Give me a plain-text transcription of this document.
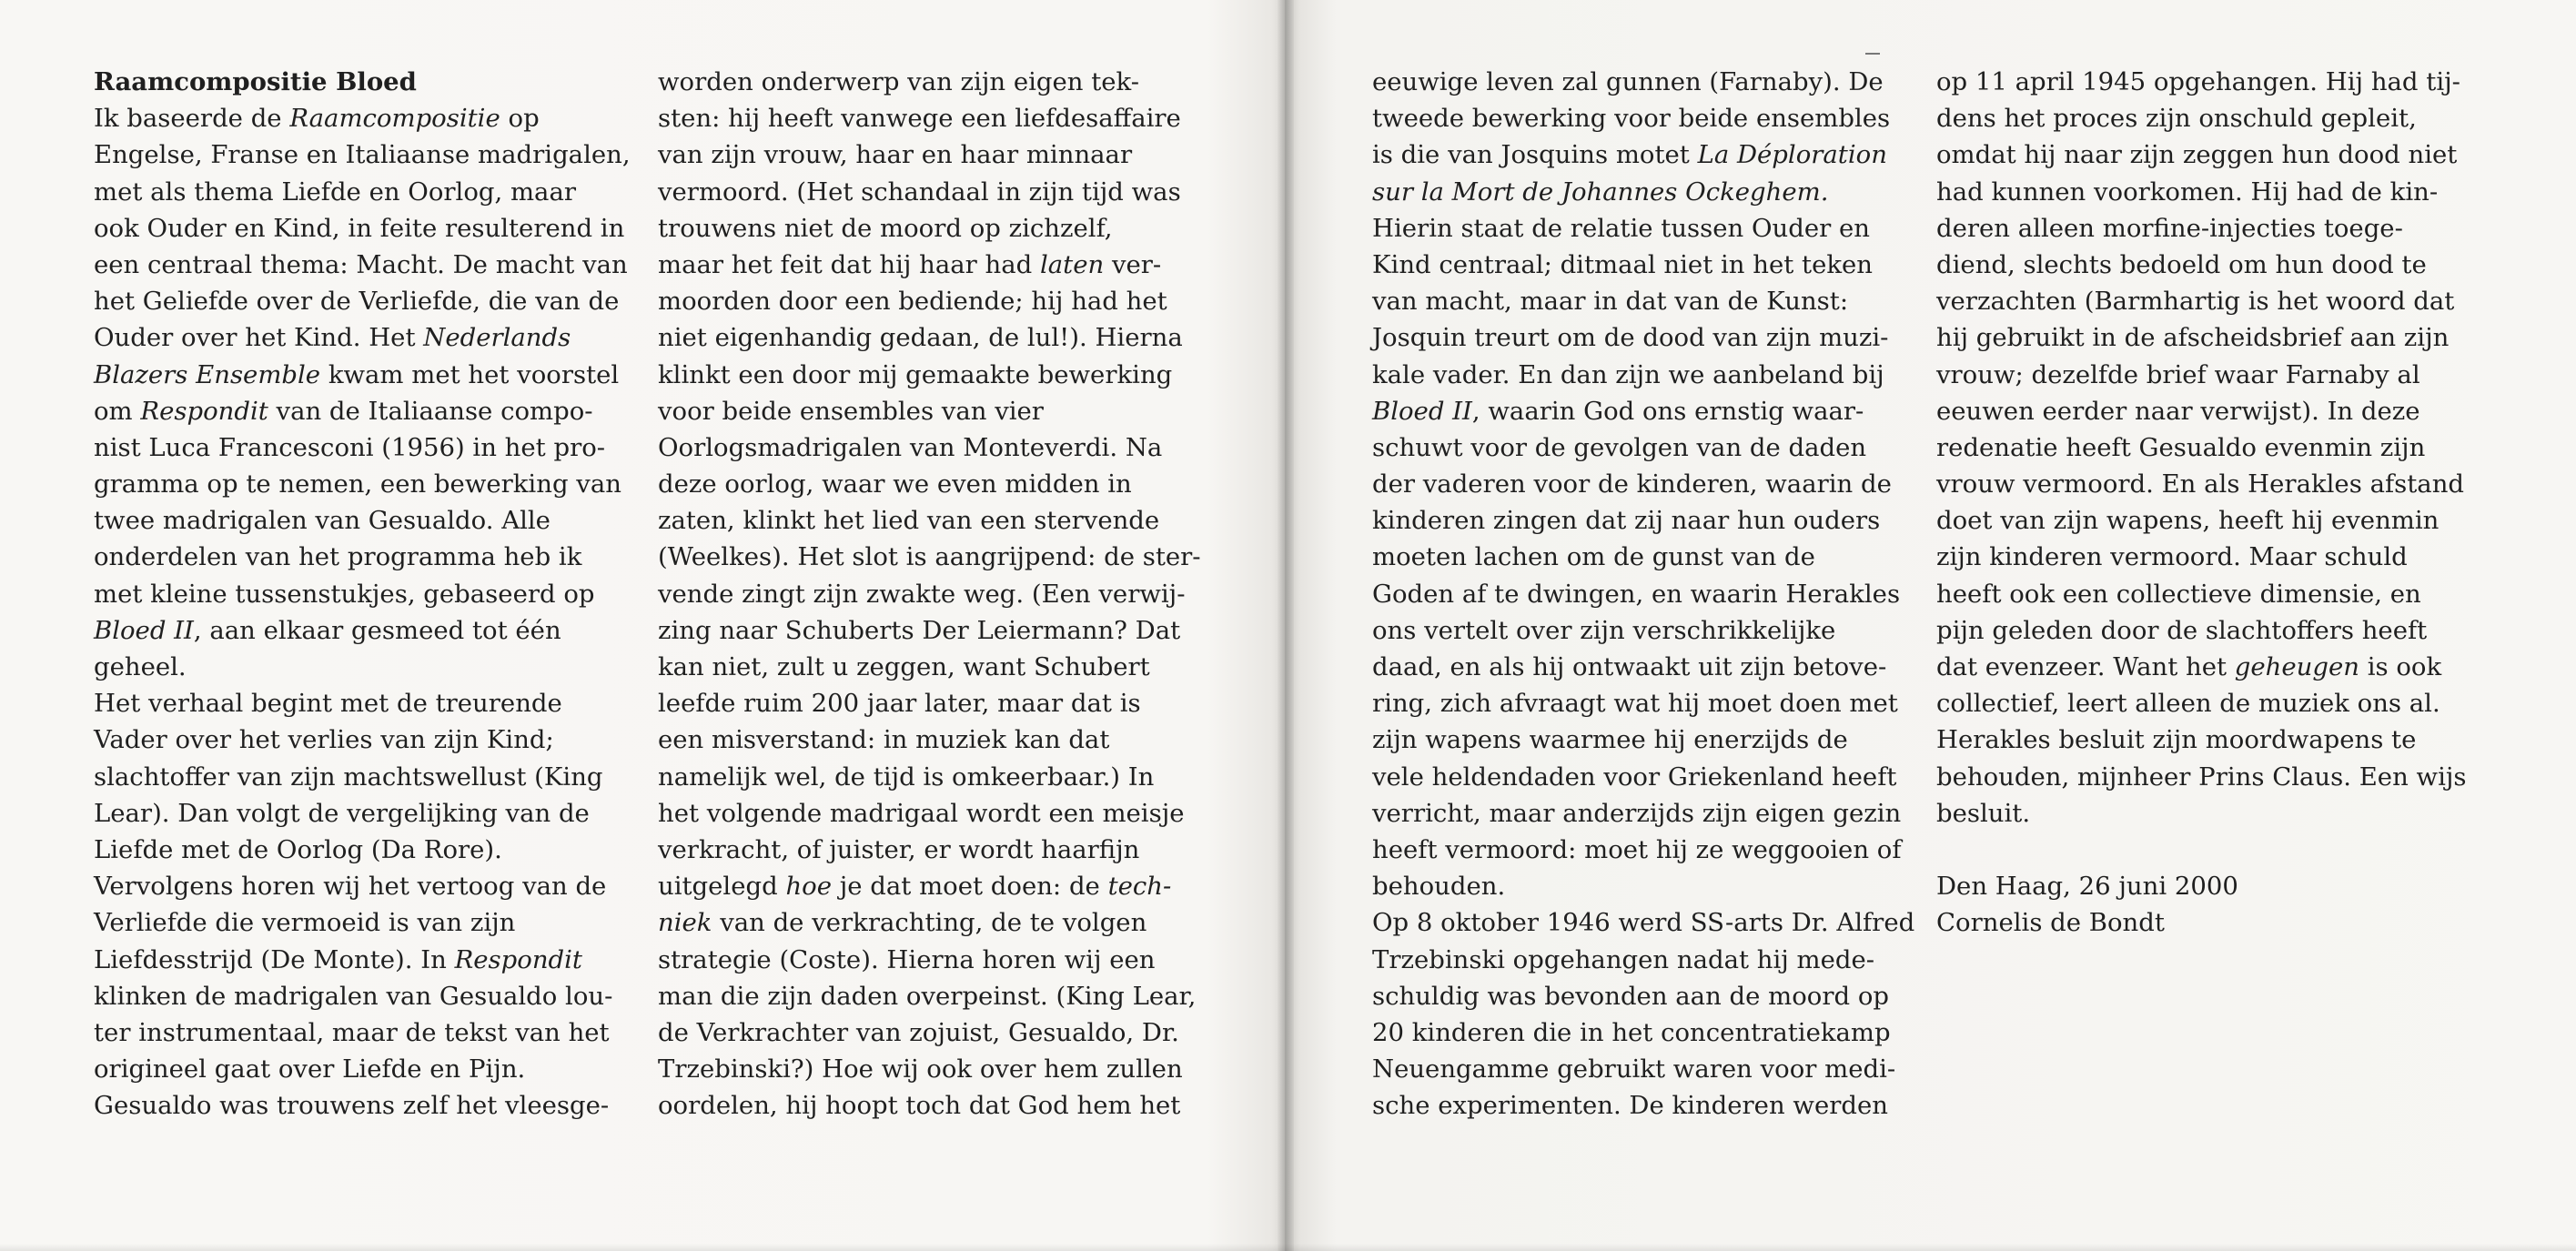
Raamcompositie Bloed
Ik baseerde de Raamcompositie op
Engelse, Franse en Italiaanse madrigalen,
met als thema Liefde en Oorlog, maar
ook Ouder en Kind, in feite resulterend in
een centraal thema: Macht. De macht van
het Geliefde over de Verliefde, die van de
Ouder over het Kind. Het Nederlands
Blazers Ensemble kwam met het voorstel
om Respondit van de Italiaanse compo-
nist Luca Francesconi (1956) in het pro-
gramma op te nemen, een bewerking van
twee madrigalen van Gesualdo. Alle
onderdelen van het programma heb ik
met kleine tussenstukjes, gebaseerd op
Bloed II, aan elkaar gesmeed tot één
geheel.
Het verhaal begint met de treurende
Vader over het verlies van zijn Kind;
slachtoffer van zijn machtswellust (King
Lear). Dan volgt de vergelijking van de
Liefde met de Oorlog (Da Rore).
Vervolgens horen wij het vertoog van de
Verliefde die vermoeid is van zijn
Liefdesstrijd (De Monte). In Respondit
klinken de madrigalen van Gesualdo lou-
ter instrumentaal, maar de tekst van het
origineel gaat over Liefde en Pijn.
Gesualdo was trouwens zelf het vleesge-
worden onderwerp van zijn eigen tek-
sten: hij heeft vanwege een liefdesaffaire
van zijn vrouw, haar en haar minnaar
vermoord. (Het schandaal in zijn tijd was
trouwens niet de moord op zichzelf,
maar het feit dat hij haar had laten ver-
moorden door een bediende; hij had het
niet eigenhandig gedaan, de lul!). Hierna
klinkt een door mij gemaakte bewerking
voor beide ensembles van vier
Oorlogsmadrigalen van Monteverdi. Na
deze oorlog, waar we even midden in
zaten, klinkt het lied van een stervende
(Weelkes). Het slot is aangrijpend: de ster-
vende zingt zijn zwakte weg. (Een verwij-
zing naar Schuberts Der Leiermann? Dat
kan niet, zult u zeggen, want Schubert
leefde ruim 200 jaar later, maar dat is
een misverstand: in muziek kan dat
namelijk wel, de tijd is omkeerbaar.) In
het volgende madrigaal wordt een meisje
verkracht, of juister, er wordt haarfijn
uitgelegd hoe je dat moet doen: de tech-
niek van de verkrachting, de te volgen
strategie (Coste). Hierna horen wij een
man die zijn daden overpeinst. (King Lear,
de Verkrachter van zojuist, Gesualdo, Dr.
Trzebinski?) Hoe wij ook over hem zullen
oordelen, hij hoopt toch dat God hem het
eeuwige leven zal gunnen (Farnaby). De
tweede bewerking voor beide ensembles
is die van Josquins motet La Déploration
sur la Mort de Johannes Ockeghem.
Hierin staat de relatie tussen Ouder en
Kind centraal; ditmaal niet in het teken
van macht, maar in dat van de Kunst:
Josquin treurt om de dood van zijn muzi-
kale vader. En dan zijn we aanbeland bij
Bloed II, waarin God ons ernstig waar-
schuwt voor de gevolgen van de daden
der vaderen voor de kinderen, waarin de
kinderen zingen dat zij naar hun ouders
moeten lachen om de gunst van de
Goden af te dwingen, en waarin Herakles
ons vertelt over zijn verschrikkelijke
daad, en als hij ontwaakt uit zijn betove-
ring, zich afvraagt wat hij moet doen met
zijn wapens waarmee hij enerzijds de
vele heldendaden voor Griekenland heeft
verricht, maar anderzijds zijn eigen gezin
heeft vermoord: moet hij ze weggooien of
behouden.
Op 8 oktober 1946 werd SS-arts Dr. Alfred
Trzebinski opgehangen nadat hij mede-
schuldig was bevonden aan de moord op
20 kinderen die in het concentratiekamp
Neuengamme gebruikt waren voor medi-
sche experimenten. De kinderen werden
op 11 april 1945 opgehangen. Hij had tij-
dens het proces zijn onschuld gepleit,
omdat hij naar zijn zeggen hun dood niet
had kunnen voorkomen. Hij had de kin-
deren alleen morfine-injecties toege-
diend, slechts bedoeld om hun dood te
verzachten (Barmhartig is het woord dat
hij gebruikt in de afscheidsbrief aan zijn
vrouw; dezelfde brief waar Farnaby al
eeuwen eerder naar verwijst). In deze
redenatie heeft Gesualdo evenmin zijn
vrouw vermoord. En als Herakles afstand
doet van zijn wapens, heeft hij evenmin
zijn kinderen vermoord. Maar schuld
heeft ook een collectieve dimensie, en
pijn geleden door de slachtoffers heeft
dat evenzeer. Want het geheugen is ook
collectief, leert alleen de muziek ons al.
Herakles besluit zijn moordwapens te
behouden, mijnheer Prins Claus. Een wijs
besluit.
Den Haag, 26 juni 2000
Cornelis de Bondt
